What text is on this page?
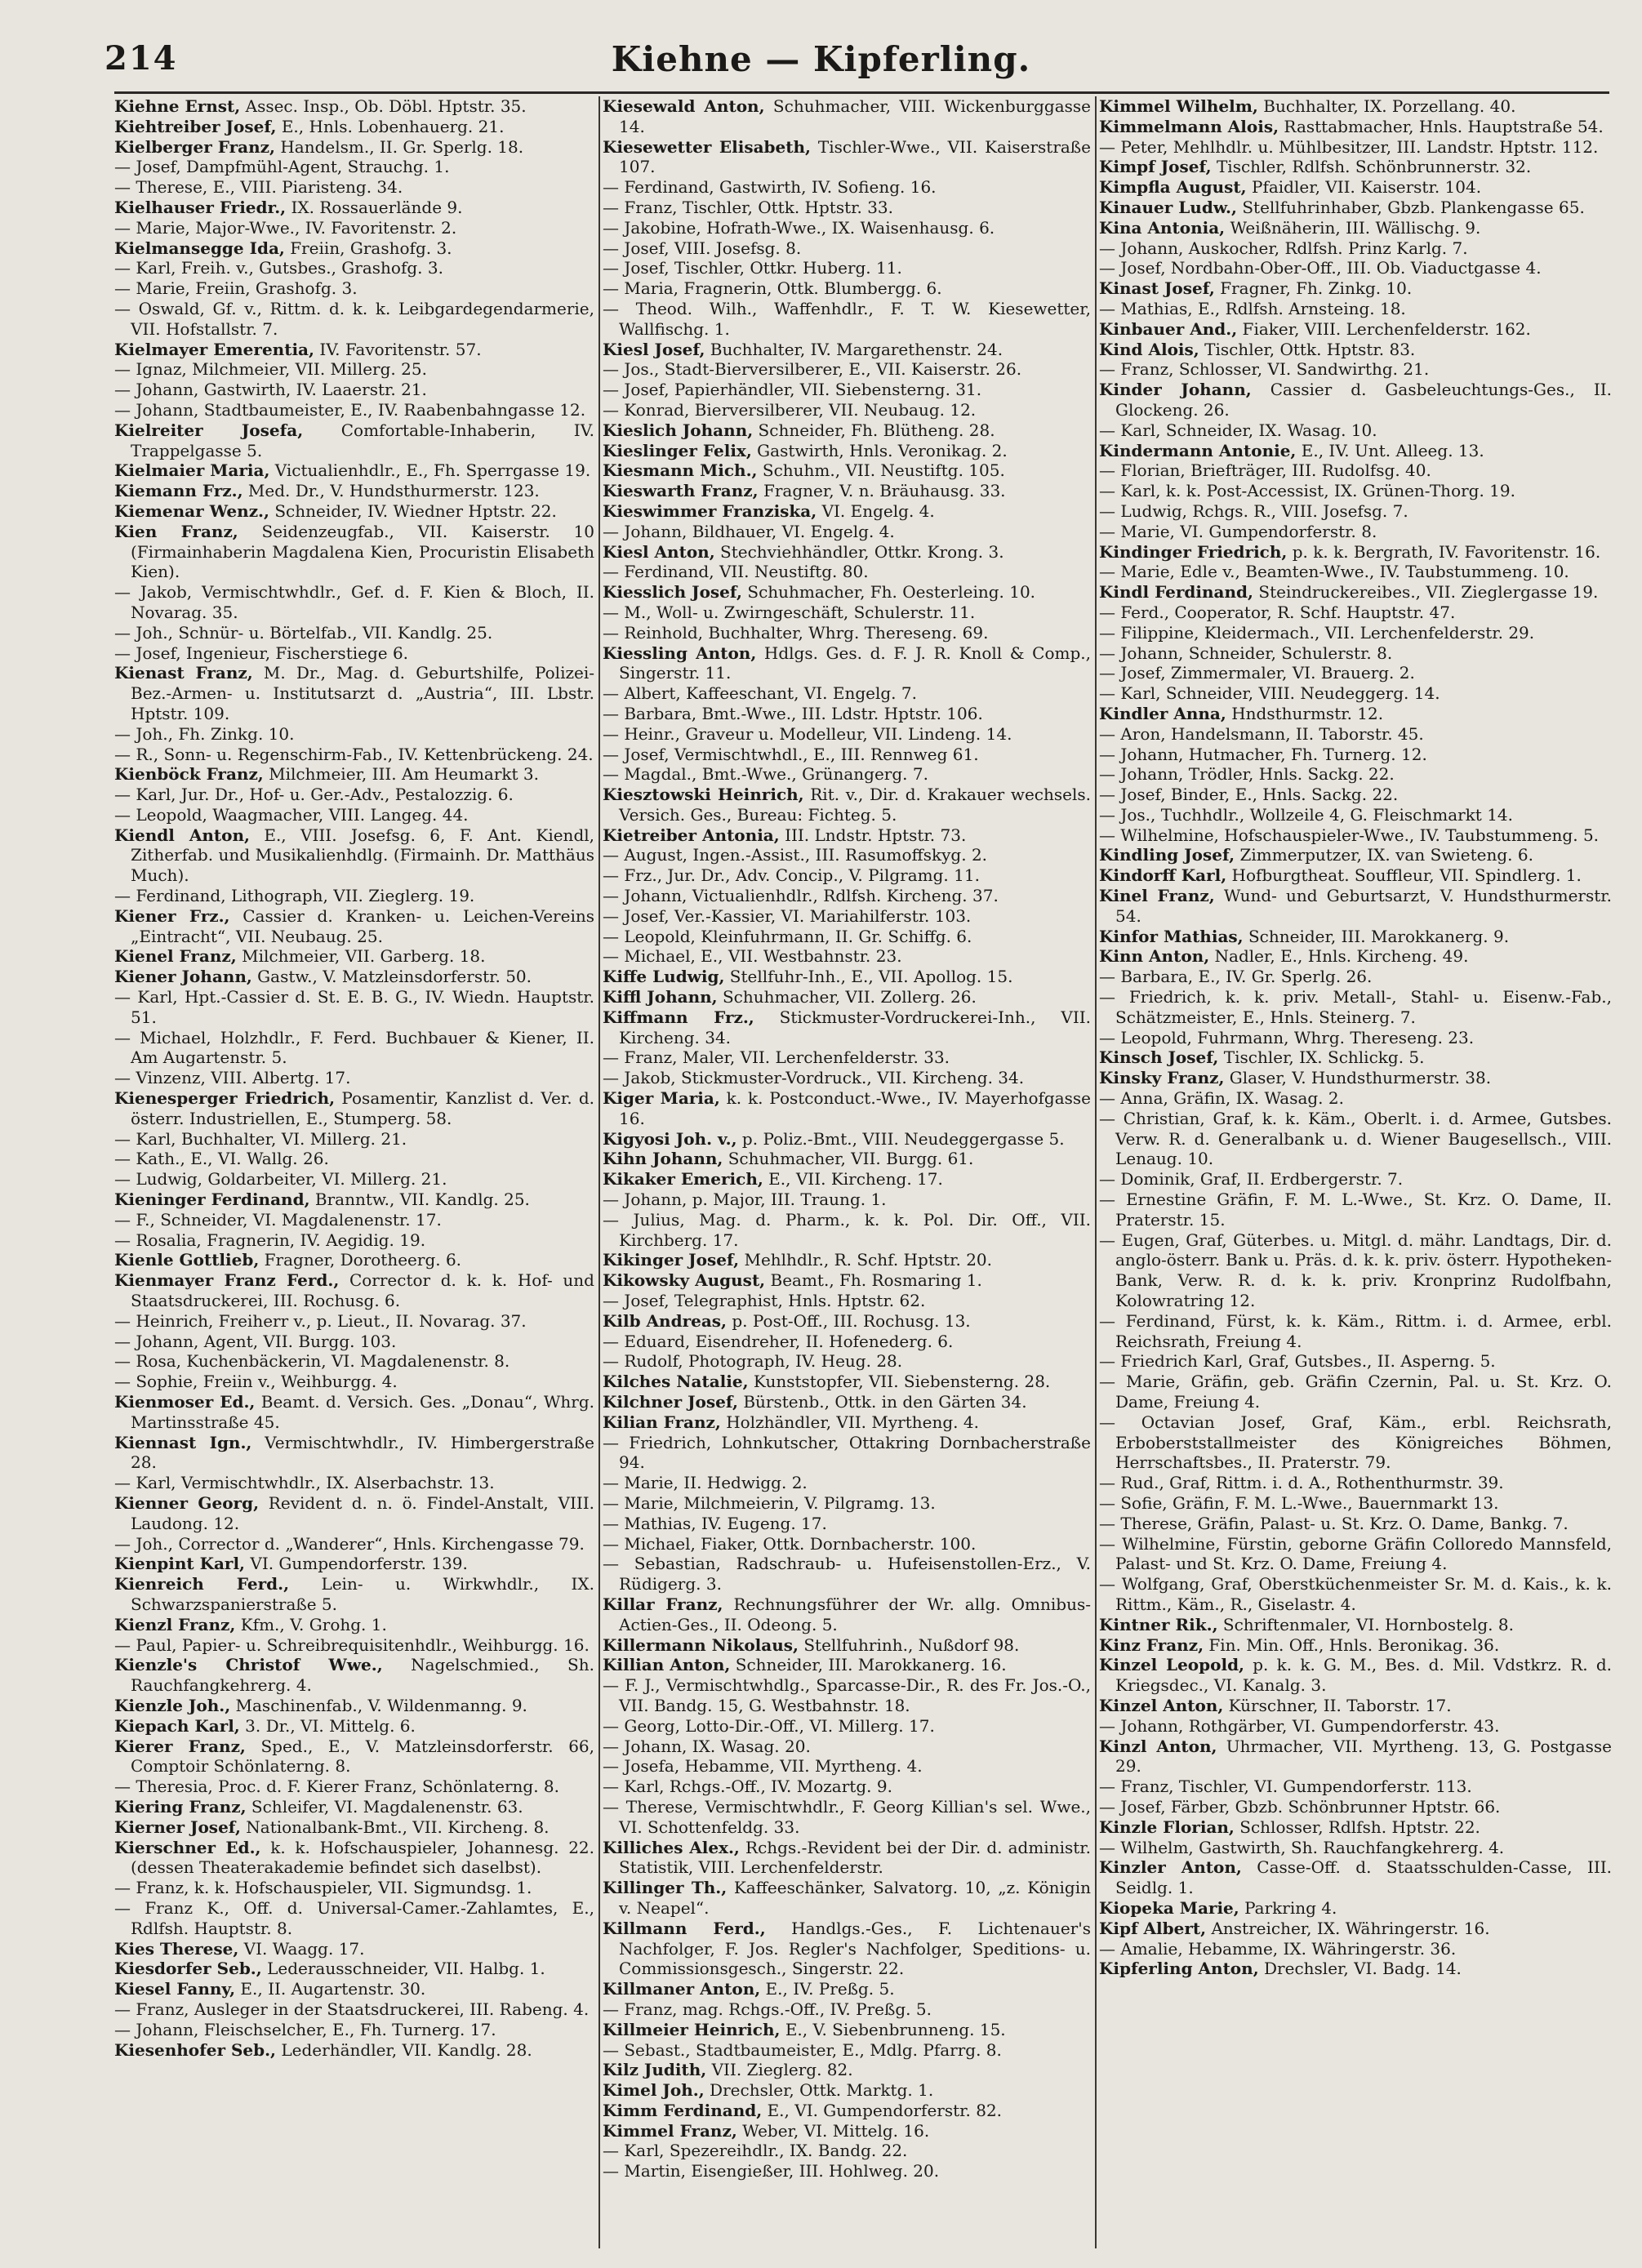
214	Kiehne — Kipferling.
Kiehne Ernst, Assec. Insp., Ob. Döbl. Hptstr. 35.
Kiehtreiber Josef, E., Hnls. Lobenhauerg. 21.
Kielberger Franz, Handelsm., II. Gr. Sperlg. 18.
— Josef, Dampfmühl-Agent, Strauchg. 1.
— Therese, E., VIII. Piaristeng. 34.
Kielhauser Friedr., IX. Rossauerlände 9.
— Marie, Major-Wwe., IV. Favoritenstr. 2.
Kielmansegge Ida, Freiin, Grashofg. 3.
— Karl, Freih. v., Gutsbes., Grashofg. 3.
— Marie, Freiin, Grashofg. 3.
— Oswald, Gf. v., Rittm. d. k. k. Leibgardegendarmerie, VII. Hofstallstr. 7.
Kielmayer Emerentia, IV. Favoritenstr. 57.
— Ignaz, Milchmeier, VII. Millerg. 25.
— Johann, Gastwirth, IV. Laaerstr. 21.
— Johann, Stadtbaumeister, E., IV. Raabenbahngasse 12.
Kielreiter Josefa, Comfortable-Inhaberin, IV. Trappelgasse 5.
Kielmaier Maria, Victualienhdlr., E., Fh. Sperrgasse 19.
Kiemann Frz., Med. Dr., V. Hundsthurmerstr. 123.
Kiemenar Wenz., Schneider, IV. Wiedner Hptstr. 22.
Kien Franz, Seidenzeugfab., VII. Kaiserstr. 10 (Firmainhaberin Magdalena Kien, Procuristin Elisabeth Kien).
— Jakob, Vermischtwhdlr., Gef. d. F. Kien & Bloch, II. Novarag. 35.
— Joh., Schnür- u. Börtelfab., VII. Kandlg. 25.
— Josef, Ingenieur, Fischerstiege 6.
Kienast Franz, M. Dr., Mag. d. Geburtshilfe, Polizei-Bez.-Armen- u. Institutsarzt d. „Austria“, III. Lbstr. Hptstr. 109.
— Joh., Fh. Zinkg. 10.
— R., Sonn- u. Regenschirm-Fab., IV. Kettenbrückeng. 24.
Kienböck Franz, Milchmeier, III. Am Heumarkt 3.
— Karl, Jur. Dr., Hof- u. Ger.-Adv., Pestalozzig. 6.
— Leopold, Waagmacher, VIII. Langeg. 44.
Kiendl Anton, E., VIII. Josefsg. 6, F. Ant. Kiendl, Zitherfab. und Musikalienhdlg. (Firmainh. Dr. Matthäus Much).
— Ferdinand, Lithograph, VII. Zieglerg. 19.
Kiener Frz., Cassier d. Kranken- u. Leichen-Vereins „Eintracht“, VII. Neubaug. 25.
Kienel Franz, Milchmeier, VII. Garberg. 18.
Kiener Johann, Gastw., V. Matzleinsdorferstr. 50.
— Karl, Hpt.-Cassier d. St. E. B. G., IV. Wiedn. Hauptstr. 51.
— Michael, Holzhdlr., F. Ferd. Buchbauer & Kiener, II. Am Augartenstr. 5.
— Vinzenz, VIII. Albertg. 17.
Kienesperger Friedrich, Posamentir, Kanzlist d. Ver. d. österr. Industriellen, E., Stumperg. 58.
— Karl, Buchhalter, VI. Millerg. 21.
— Kath., E., VI. Wallg. 26.
— Ludwig, Goldarbeiter, VI. Millerg. 21.
Kieninger Ferdinand, Branntw., VII. Kandlg. 25.
— F., Schneider, VI. Magdalenenstr. 17.
— Rosalia, Fragnerin, IV. Aegidig. 19.
Kienle Gottlieb, Fragner, Dorotheerg. 6.
Kienmayer Franz Ferd., Corrector d. k. k. Hof- und Staatsdruckerei, III. Rochusg. 6.
— Heinrich, Freiherr v., p. Lieut., II. Novarag. 37.
— Johann, Agent, VII. Burgg. 103.
— Rosa, Kuchenbäckerin, VI. Magdalenenstr. 8.
— Sophie, Freiin v., Weihburgg. 4.
Kienmoser Ed., Beamt. d. Versich. Ges. „Donau“, Whrg. Martinsstraße 45.
Kiennast Ign., Vermischtwhdlr., IV. Himbergerstraße 28.
— Karl, Vermischtwhdlr., IX. Alserbachstr. 13.
Kienner Georg, Revident d. n. ö. Findel-Anstalt, VIII. Laudong. 12.
— Joh., Corrector d. „Wanderer“, Hnls. Kirchengasse 79.
Kienpint Karl, VI. Gumpendorferstr. 139.
Kienreich Ferd., Lein- u. Wirkwhdlr., IX. Schwarzspanierstraße 5.
Kienzl Franz, Kfm., V. Grohg. 1.
— Paul, Papier- u. Schreibrequisitenhdlr., Weihburgg. 16.
Kienzle's Christof Wwe., Nagelschmied., Sh. Rauchfangkehrerg. 4.
Kienzle Joh., Maschinenfab., V. Wildenmanng. 9.
Kiepach Karl, 3. Dr., VI. Mittelg. 6.
Kierer Franz, Sped., E., V. Matzleinsdorferstr. 66, Comptoir Schönlaterng. 8.
— Theresia, Proc. d. F. Kierer Franz, Schönlaterng. 8.
Kiering Franz, Schleifer, VI. Magdalenenstr. 63.
Kierner Josef, Nationalbank-Bmt., VII. Kircheng. 8.
Kierschner Ed., k. k. Hofschauspieler, Johannesg. 22. (dessen Theaterakademie befindet sich daselbst).
— Franz, k. k. Hofschauspieler, VII. Sigmundsg. 1.
— Franz K., Off. d. Universal-Camer.-Zahlamtes, E., Rdlfsh. Hauptstr. 8.
Kies Therese, VI. Waagg. 17.
Kiesdorfer Seb., Lederausschneider, VII. Halbg. 1.
Kiesel Fanny, E., II. Augartenstr. 30.
— Franz, Ausleger in der Staatsdruckerei, III. Rabeng. 4.
— Johann, Fleischselcher, E., Fh. Turnerg. 17.
Kiesenhofer Seb., Lederhändler, VII. Kandlg. 28.
Kiesewald Anton, Schuhmacher, VIII. Wickenburggasse 14.
Kiesewetter Elisabeth, Tischler-Wwe., VII. Kaiserstraße 107.
— Ferdinand, Gastwirth, IV. Sofieng. 16.
— Franz, Tischler, Ottk. Hptstr. 33.
— Jakobine, Hofrath-Wwe., IX. Waisenhausg. 6.
— Josef, VIII. Josefsg. 8.
— Josef, Tischler, Ottkr. Huberg. 11.
— Maria, Fragnerin, Ottk. Blumbergg. 6.
— Theod. Wilh., Waffenhdlr., F. T. W. Kiesewetter, Wallfischg. 1.
Kiesl Josef, Buchhalter, IV. Margarethenstr. 24.
— Jos., Stadt-Bierversilberer, E., VII. Kaiserstr. 26.
— Josef, Papierhändler, VII. Siebensterng. 31.
— Konrad, Bierversilberer, VII. Neubaug. 12.
Kieslich Johann, Schneider, Fh. Blütheng. 28.
Kieslinger Felix, Gastwirth, Hnls. Veronikag. 2.
Kiesmann Mich., Schuhm., VII. Neustiftg. 105.
Kieswarth Franz, Fragner, V. n. Bräuhausg. 33.
Kieswimmer Franziska, VI. Engelg. 4.
— Johann, Bildhauer, VI. Engelg. 4.
Kiesl Anton, Stechviehhändler, Ottkr. Krong. 3.
— Ferdinand, VII. Neustiftg. 80.
Kiesslich Josef, Schuhmacher, Fh. Oesterleing. 10.
— M., Woll- u. Zwirngeschäft, Schulerstr. 11.
— Reinhold, Buchhalter, Whrg. Thereseng. 69.
Kiessling Anton, Hdlgs. Ges. d. F. J. R. Knoll & Comp., Singerstr. 11.
— Albert, Kaffeeschant, VI. Engelg. 7.
— Barbara, Bmt.-Wwe., III. Ldstr. Hptstr. 106.
— Heinr., Graveur u. Modelleur, VII. Lindeng. 14.
— Josef, Vermischtwhdl., E., III. Rennweg 61.
— Magdal., Bmt.-Wwe., Grünangerg. 7.
Kiesztowski Heinrich, Rit. v., Dir. d. Krakauer wechsels. Versich. Ges., Bureau: Fichteg. 5.
Kietreiber Antonia, III. Lndstr. Hptstr. 73.
— August, Ingen.-Assist., III. Rasumoffskyg. 2.
— Frz., Jur. Dr., Adv. Concip., V. Pilgramg. 11.
— Johann, Victualienhdlr., Rdlfsh. Kircheng. 37.
— Josef, Ver.-Kassier, VI. Mariahilferstr. 103.
— Leopold, Kleinfuhrmann, II. Gr. Schiffg. 6.
— Michael, E., VII. Westbahnstr. 23.
Kiffe Ludwig, Stellfuhr-Inh., E., VII. Apollog. 15.
Kiffl Johann, Schuhmacher, VII. Zollerg. 26.
Kiffmann Frz., Stickmuster-Vordruckerei-Inh., VII. Kircheng. 34.
— Franz, Maler, VII. Lerchenfelderstr. 33.
— Jakob, Stickmuster-Vordruck., VII. Kircheng. 34.
Kiger Maria, k. k. Postconduct.-Wwe., IV. Mayerhofgasse 16.
Kigyosi Joh. v., p. Poliz.-Bmt., VIII. Neudeggergasse 5.
Kihn Johann, Schuhmacher, VII. Burgg. 61.
Kikaker Emerich, E., VII. Kircheng. 17.
— Johann, p. Major, III. Traung. 1.
— Julius, Mag. d. Pharm., k. k. Pol. Dir. Off., VII. Kirchberg. 17.
Kikinger Josef, Mehlhdlr., R. Schf. Hptstr. 20.
Kikowsky August, Beamt., Fh. Rosmaring 1.
— Josef, Telegraphist, Hnls. Hptstr. 62.
Kilb Andreas, p. Post-Off., III. Rochusg. 13.
— Eduard, Eisendreher, II. Hofenederg. 6.
— Rudolf, Photograph, IV. Heug. 28.
Kilches Natalie, Kunststopfer, VII. Siebensterng. 28.
Kilchner Josef, Bürstenb., Ottk. in den Gärten 34.
Kilian Franz, Holzhändler, VII. Myrtheng. 4.
— Friedrich, Lohnkutscher, Ottakring Dornbacherstraße 94.
— Marie, II. Hedwigg. 2.
— Marie, Milchmeierin, V. Pilgramg. 13.
— Mathias, IV. Eugeng. 17.
— Michael, Fiaker, Ottk. Dornbacherstr. 100.
— Sebastian, Radschraub- u. Hufeisenstollen-Erz., V. Rüdigerg. 3.
Killar Franz, Rechnungsführer der Wr. allg. Omnibus-Actien-Ges., II. Odeong. 5.
Killermann Nikolaus, Stellfuhrinh., Nußdorf 98.
Killian Anton, Schneider, III. Marokkanerg. 16.
— F. J., Vermischtwhdlg., Sparcasse-Dir., R. des Fr. Jos.-O., VII. Bandg. 15, G. Westbahnstr. 18.
— Georg, Lotto-Dir.-Off., VI. Millerg. 17.
— Johann, IX. Wasag. 20.
— Josefa, Hebamme, VII. Myrtheng. 4.
— Karl, Rchgs.-Off., IV. Mozartg. 9.
— Therese, Vermischtwhdlr., F. Georg Killian's sel. Wwe., VI. Schottenfeldg. 33.
Killiches Alex., Rchgs.-Revident bei der Dir. d. administr. Statistik, VIII. Lerchenfelderstr.
Killinger Th., Kaffeeschänker, Salvatorg. 10, „z. Königin v. Neapel“.
Killmann Ferd., Handlgs.-Ges., F. Lichtenauer's Nachfolger, F. Jos. Regler's Nachfolger, Speditions- u. Commissionsgesch., Singerstr. 22.
Killmaner Anton, E., IV. Preßg. 5.
— Franz, mag. Rchgs.-Off., IV. Preßg. 5.
Killmeier Heinrich, E., V. Siebenbrunneng. 15.
— Sebast., Stadtbaumeister, E., Mdlg. Pfarrg. 8.
Kilz Judith, VII. Zieglerg. 82.
Kimel Joh., Drechsler, Ottk. Marktg. 1.
Kimm Ferdinand, E., VI. Gumpendorferstr. 82.
Kimmel Franz, Weber, VI. Mittelg. 16.
— Karl, Spezereihdlr., IX. Bandg. 22.
— Martin, Eisengießer, III. Hohlweg. 20.
Kimmel Wilhelm, Buchhalter, IX. Porzellang. 40.
Kimmelmann Alois, Rasttabmacher, Hnls. Hauptstraße 54.
— Peter, Mehlhdlr. u. Mühlbesitzer, III. Landstr. Hptstr. 112.
Kimpf Josef, Tischler, Rdlfsh. Schönbrunnerstr. 32.
Kimpfla August, Pfaidler, VII. Kaiserstr. 104.
Kinauer Ludw., Stellfuhrinhaber, Gbzb. Plankengasse 65.
Kina Antonia, Weißnäherin, III. Wällischg. 9.
— Johann, Auskocher, Rdlfsh. Prinz Karlg. 7.
— Josef, Nordbahn-Ober-Off., III. Ob. Viaductgasse 4.
Kinast Josef, Fragner, Fh. Zinkg. 10.
— Mathias, E., Rdlfsh. Arnsteing. 18.
Kinbauer And., Fiaker, VIII. Lerchenfelderstr. 162.
Kind Alois, Tischler, Ottk. Hptstr. 83.
— Franz, Schlosser, VI. Sandwirthg. 21.
Kinder Johann, Cassier d. Gasbeleuchtungs-Ges., II. Glockeng. 26.
— Karl, Schneider, IX. Wasag. 10.
Kindermann Antonie, E., IV. Unt. Alleeg. 13.
— Florian, Briefträger, III. Rudolfsg. 40.
— Karl, k. k. Post-Accessist, IX. Grünen-Thorg. 19.
— Ludwig, Rchgs. R., VIII. Josefsg. 7.
— Marie, VI. Gumpendorferstr. 8.
Kindinger Friedrich, p. k. k. Bergrath, IV. Favoritenstr. 16.
— Marie, Edle v., Beamten-Wwe., IV. Taubstummeng. 10.
Kindl Ferdinand, Steindruckereibes., VII. Zieglergasse 19.
— Ferd., Cooperator, R. Schf. Hauptstr. 47.
— Filippine, Kleidermach., VII. Lerchenfelderstr. 29.
— Johann, Schneider, Schulerstr. 8.
— Josef, Zimmermaler, VI. Brauerg. 2.
— Karl, Schneider, VIII. Neudeggerg. 14.
Kindler Anna, Hndsthurmstr. 12.
— Aron, Handelsmann, II. Taborstr. 45.
— Johann, Hutmacher, Fh. Turnerg. 12.
— Johann, Trödler, Hnls. Sackg. 22.
— Josef, Binder, E., Hnls. Sackg. 22.
— Jos., Tuchhdlr., Wollzeile 4, G. Fleischmarkt 14.
— Wilhelmine, Hofschauspieler-Wwe., IV. Taubstummeng. 5.
Kindling Josef, Zimmerputzer, IX. van Swieteng. 6.
Kindorff Karl, Hofburgtheat. Souffleur, VII. Spindlerg. 1.
Kinel Franz, Wund- und Geburtsarzt, V. Hundsthurmerstr. 54.
Kinfor Mathias, Schneider, III. Marokkanerg. 9.
Kinn Anton, Nadler, E., Hnls. Kircheng. 49.
— Barbara, E., IV. Gr. Sperlg. 26.
— Friedrich, k. k. priv. Metall-, Stahl- u. Eisenw.-Fab., Schätzmeister, E., Hnls. Steinerg. 7.
— Leopold, Fuhrmann, Whrg. Thereseng. 23.
Kinsch Josef, Tischler, IX. Schlickg. 5.
Kinsky Franz, Glaser, V. Hundsthurmerstr. 38.
— Anna, Gräfin, IX. Wasag. 2.
— Christian, Graf, k. k. Käm., Oberlt. i. d. Armee, Gutsbes. Verw. R. d. Generalbank u. d. Wiener Baugesellsch., VIII. Lenaug. 10.
— Dominik, Graf, II. Erdbergerstr. 7.
— Ernestine Gräfin, F. M. L.-Wwe., St. Krz. O. Dame, II. Praterstr. 15.
— Eugen, Graf, Güterbes. u. Mitgl. d. mähr. Landtags, Dir. d. anglo-österr. Bank u. Präs. d. k. k. priv. österr. Hypotheken-Bank, Verw. R. d. k. k. priv. Kronprinz Rudolfbahn, Kolowratring 12.
— Ferdinand, Fürst, k. k. Käm., Rittm. i. d. Armee, erbl. Reichsrath, Freiung 4.
— Friedrich Karl, Graf, Gutsbes., II. Asperng. 5.
— Marie, Gräfin, geb. Gräfin Czernin, Pal. u. St. Krz. O. Dame, Freiung 4.
— Octavian Josef, Graf, Käm., erbl. Reichsrath, Erboberststallmeister des Königreiches Böhmen, Herrschaftsbes., II. Praterstr. 79.
— Rud., Graf, Rittm. i. d. A., Rothenthurmstr. 39.
— Sofie, Gräfin, F. M. L.-Wwe., Bauernmarkt 13.
— Therese, Gräfin, Palast- u. St. Krz. O. Dame, Bankg. 7.
— Wilhelmine, Fürstin, geborne Gräfin Colloredo Mannsfeld, Palast- und St. Krz. O. Dame, Freiung 4.
— Wolfgang, Graf, Oberstküchenmeister Sr. M. d. Kais., k. k. Rittm., Käm., R., Giselastr. 4.
Kintner Rik., Schriftenmaler, VI. Hornbostelg. 8.
Kinz Franz, Fin. Min. Off., Hnls. Beronikag. 36.
Kinzel Leopold, p. k. k. G. M., Bes. d. Mil. Vdstkrz. R. d. Kriegsdec., VI. Kanalg. 3.
Kinzel Anton, Kürschner, II. Taborstr. 17.
— Johann, Rothgärber, VI. Gumpendorferstr. 43.
Kinzl Anton, Uhrmacher, VII. Myrtheng. 13, G. Postgasse 29.
— Franz, Tischler, VI. Gumpendorferstr. 113.
— Josef, Färber, Gbzb. Schönbrunner Hptstr. 66.
Kinzle Florian, Schlosser, Rdlfsh. Hptstr. 22.
— Wilhelm, Gastwirth, Sh. Rauchfangkehrerg. 4.
Kinzler Anton, Casse-Off. d. Staatsschulden-Casse, III. Seidlg. 1.
Kiopeka Marie, Parkring 4.
Kipf Albert, Anstreicher, IX. Währingerstr. 16.
— Amalie, Hebamme, IX. Währingerstr. 36.
Kipferling Anton, Drechsler, VI. Badg. 14.
